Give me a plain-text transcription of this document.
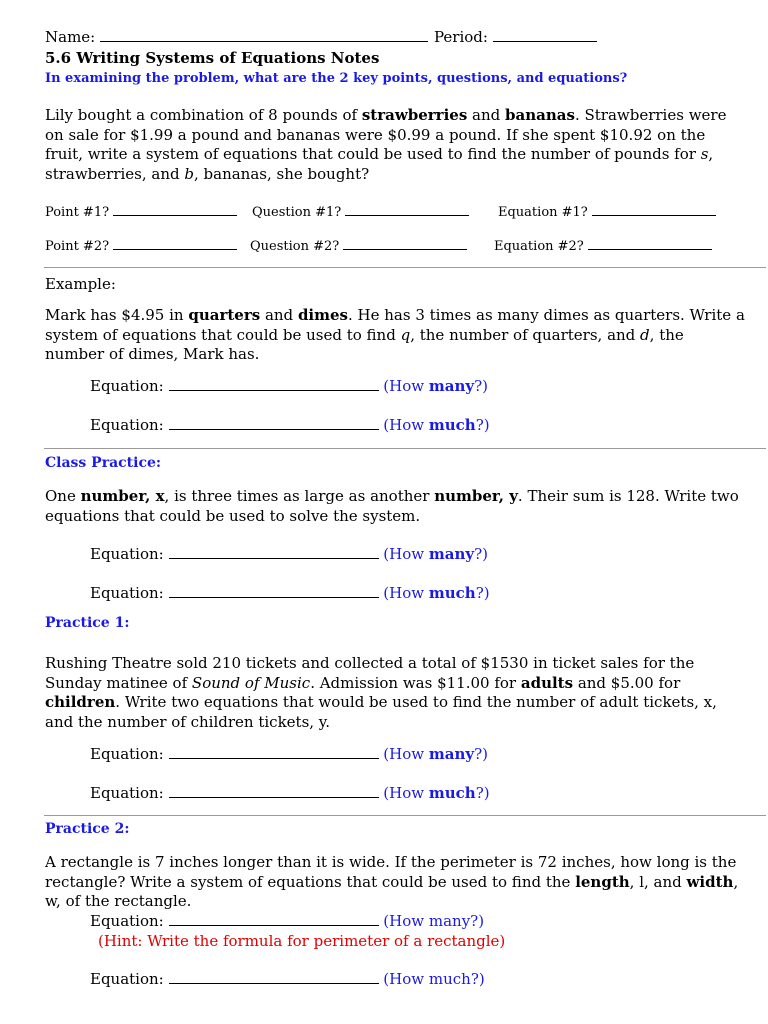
Name:	Period:
5.6 Writing Systems of Equations Notes
In examining the problem, what are the 2 key points, questions, and equations?
Lily bought a combination of 8 pounds of strawberries and bananas. Strawberries were on sale for $1.99 a pound and bananas were $0.99 a pound. If she spent $10.92 on the fruit, write a system of equations that could be used to find the number of pounds for s, strawberries, and b, bananas, she bought?
Point #1?	Question #1?	Equation #1?
Point #2?	Question #2?	Equation #2?
Example:
Mark has $4.95 in quarters and dimes. He has 3 times as many dimes as quarters. Write a system of equations that could be used to find q, the number of quarters, and d, the number of dimes, Mark has.
Equation:	(How many?)
Equation:	(How much?)
Class Practice:
One number, x, is three times as large as another number, y. Their sum is 128. Write two equations that could be used to solve the system.
Equation:	(How many?)
Equation:	(How much?)
Practice 1:
Rushing Theatre sold 210 tickets and collected a total of $1530 in ticket sales for the Sunday matinee of Sound of Music. Admission was $11.00 for adults and $5.00 for children. Write two equations that would be used to find the number of adult tickets, x, and the number of children tickets, y.
Equation:	(How many?)
Equation:	(How much?)
Practice 2:
A rectangle is 7 inches longer than it is wide. If the perimeter is 72 inches, how long is the rectangle? Write a system of equations that could be used to find the length, l, and width, w, of the rectangle.
Equation:	(How many?)
(Hint: Write the formula for perimeter of a rectangle)
Equation:	(How much?)
